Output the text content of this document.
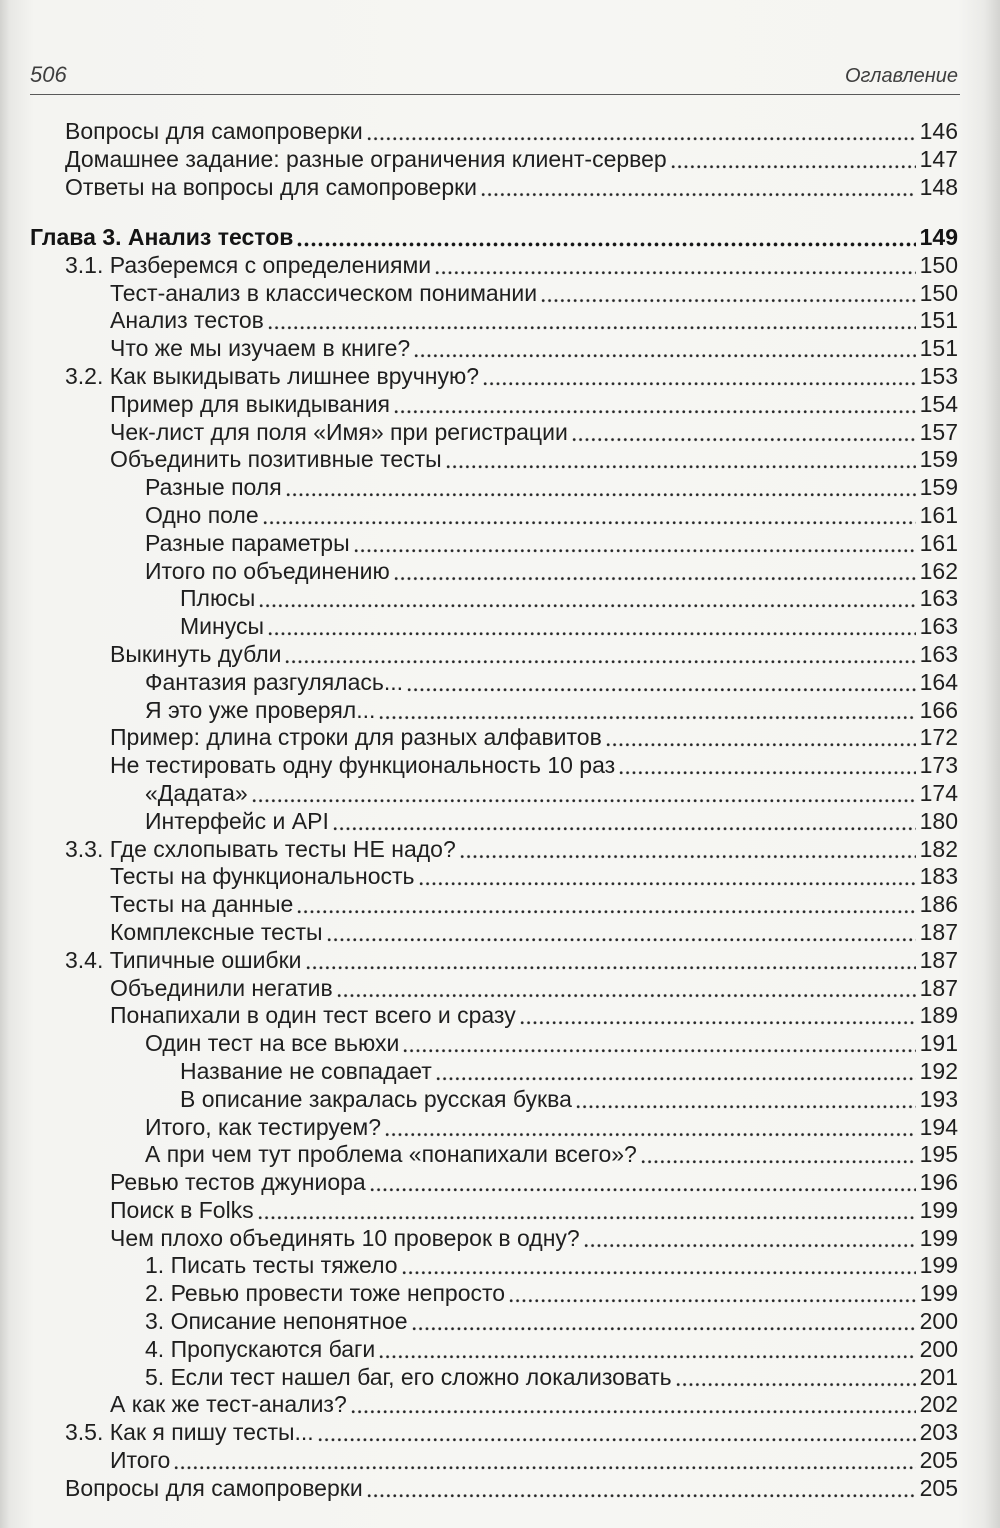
506	Оглавление
Вопросы для самопроверки	146
Домашнее задание: разные ограничения клиент-сервер	147
Ответы на вопросы для самопроверки	148
Глава 3. Анализ тестов	149
3.1. Разберемся с определениями	150
Тест-анализ в классическом понимании	150
Анализ тестов	151
Что же мы изучаем в книге?	151
3.2. Как выкидывать лишнее вручную?	153
Пример для выкидывания	154
Чек-лист для поля «Имя» при регистрации	157
Объединить позитивные тесты	159
Разные поля	159
Одно поле	161
Разные параметры	161
Итого по объединению	162
Плюсы	163
Минусы	163
Выкинуть дубли	163
Фантазия разгулялась...	164
Я это уже проверял...	166
Пример: длина строки для разных алфавитов	172
Не тестировать одну функциональность 10 раз	173
«Дадата»	174
Интерфейс и API	180
3.3. Где схлопывать тесты НЕ надо?	182
Тесты на функциональность	183
Тесты на данные	186
Комплексные тесты	187
3.4. Типичные ошибки	187
Объединили негатив	187
Понапихали в один тест всего и сразу	189
Один тест на все вьюхи	191
Название не совпадает	192
В описание закралась русская буква	193
Итого, как тестируем?	194
А при чем тут проблема «понапихали всего»?	195
Ревью тестов джуниора	196
Поиск в Folks	199
Чем плохо объединять 10 проверок в одну?	199
1. Писать тесты тяжело	199
2. Ревью провести тоже непросто	199
3. Описание непонятное	200
4. Пропускаются баги	200
5. Если тест нашел баг, его сложно локализовать	201
А как же тест-анализ?	202
3.5. Как я пишу тесты...	203
Итого	205
Вопросы для самопроверки	205
